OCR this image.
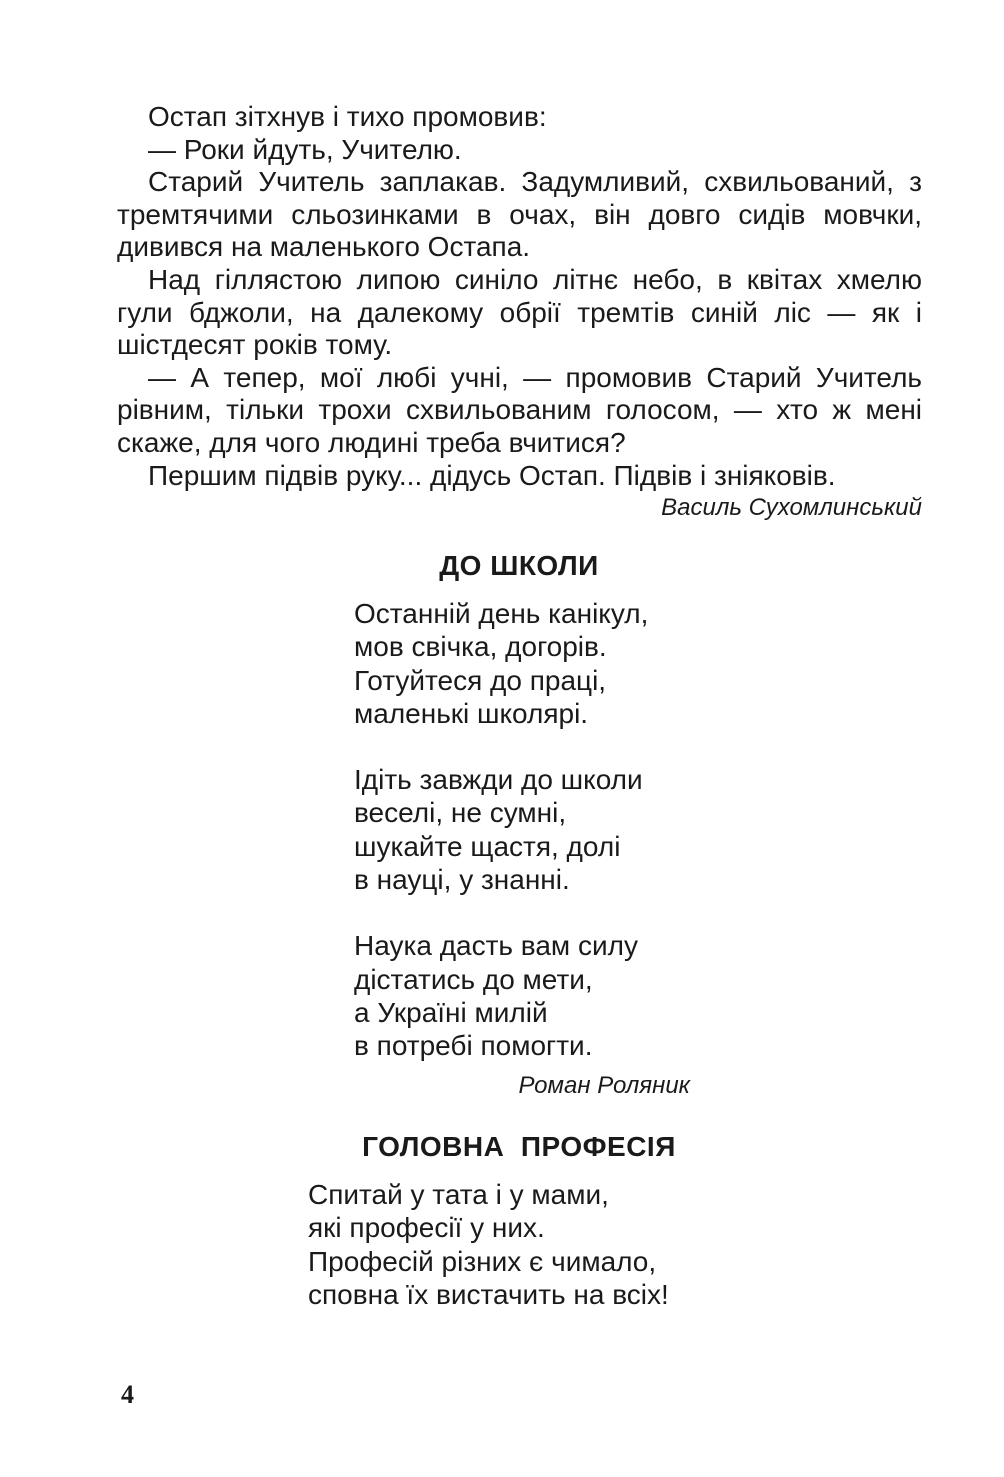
Остап зітхнув і тихо промовив:

— Роки йдуть, Учителю.

Старий Учитель заплакав. Задумливий, схвильований, з тремтячими сльозинками в очах, він довго сидів мовчки, дивився на маленького Остапа.

Над гіллястою липою синіло літнє небо, в квітах хмелю гули бджоли, на далекому обрії тремтів синій ліс — як і шістдесят років тому.

— А тепер, мої любі учні, — промовив Старий Учитель рівним, тільки трохи схвильованим голосом, — хто ж мені скаже, для чого людині треба вчитися?

Першим підвів руку... дідусь Остап. Підвів і зніяковів.

Василь Сухомлинський
ДО ШКОЛИ
Останній день канікул,
мов свічка, догорів.
Готуйтеся до праці,
маленькі школярі.
Ідіть завжди до школи
веселі, не сумні,
шукайте щастя, долі
в науці, у знанні.
Наука дасть вам силу
дістатись до мети,
а Україні милій
в потребі помогти.
Роман Роляник
ГОЛОВНА  ПРОФЕСІЯ
Спитай у тата і у мами,
які професії у них.
Професій різних є чимало,
сповна їх вистачить на всіх!
4
